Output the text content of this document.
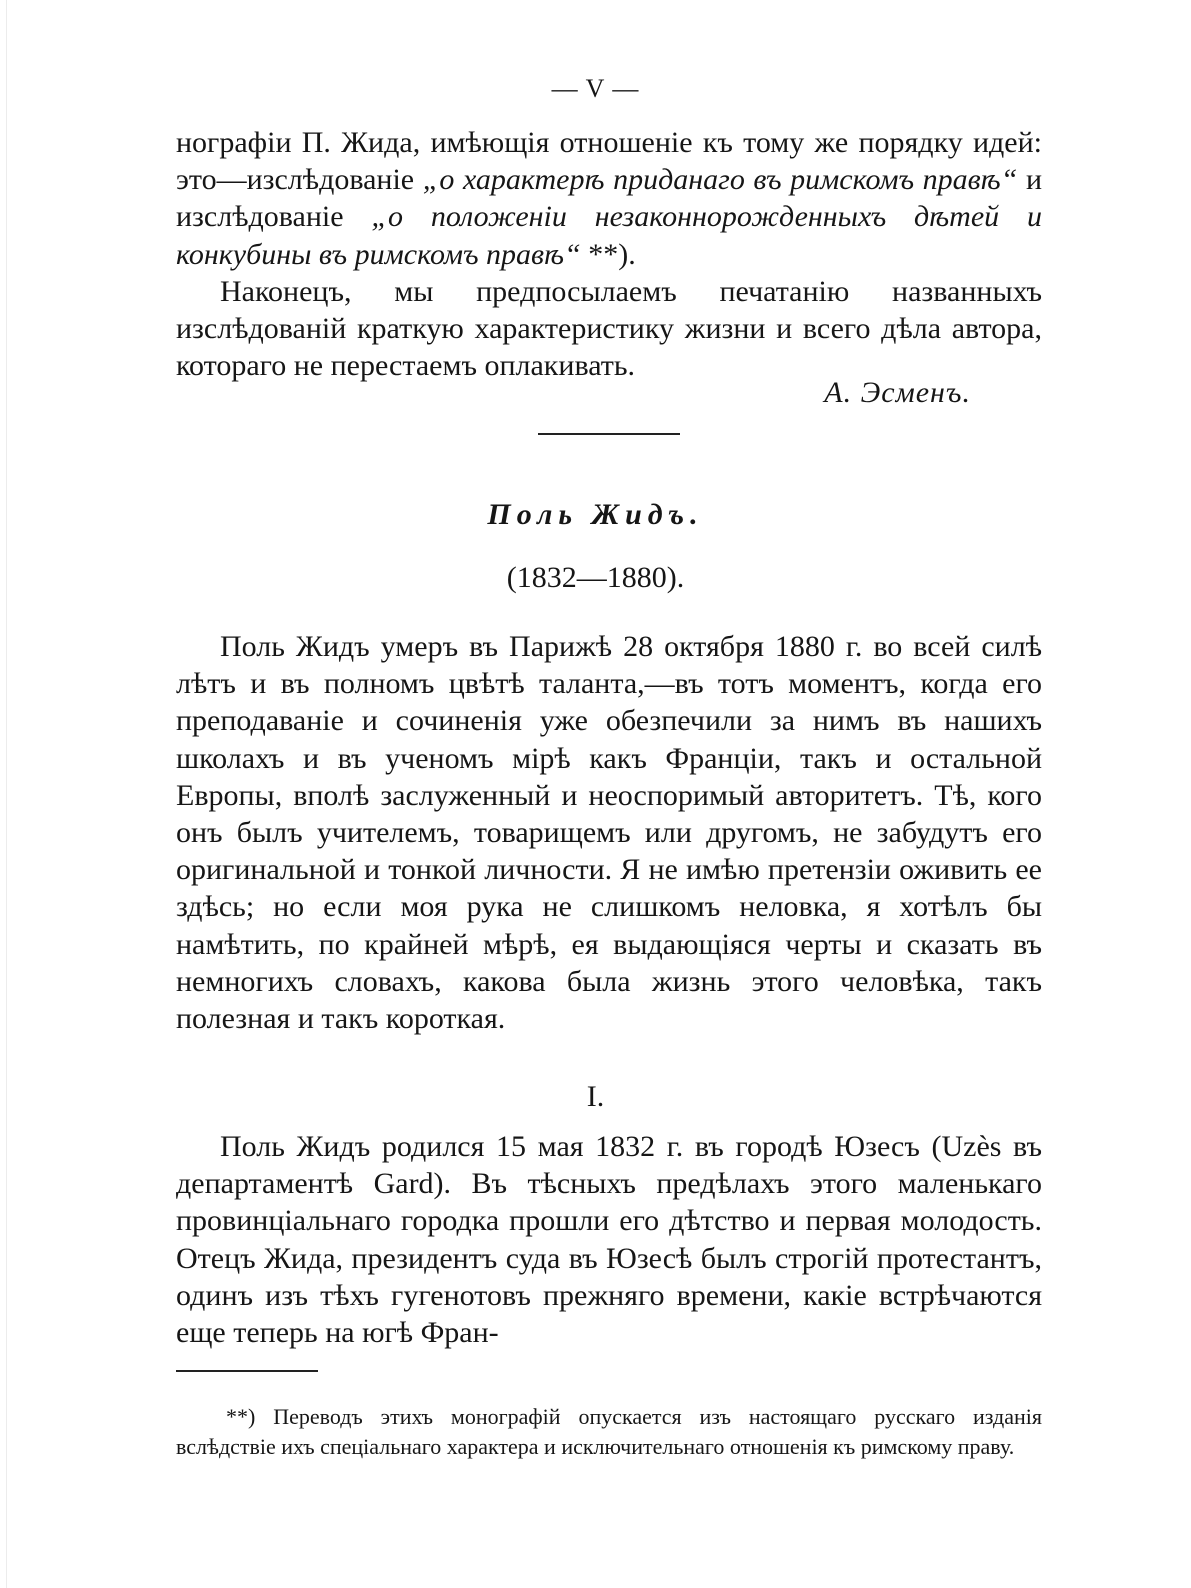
— V —

нографіи П. Жида, имѣющія отношеніе къ тому же порядку идей: это—изслѣдованіе „о характерѣ приданаго въ римскомъ правѣ“ и изслѣдованіе „о положеніи незаконнорожденныхъ дѣтей и конкубины въ римскомъ правѣ“ **).

Наконецъ, мы предпосылаемъ печатанію названныхъ изслѣдованій краткую характеристику жизни и всего дѣла автора, котораго не перестаемъ оплакивать.

А. Эсменъ.
Поль Жидъ.
(1832—1880).

Поль Жидъ умеръ въ Парижѣ 28 октября 1880 г. во всей силѣ лѣтъ и въ полномъ цвѣтѣ таланта,—въ тотъ моментъ, когда его преподаваніе и сочиненія уже обезпечили за нимъ въ нашихъ школахъ и въ ученомъ мірѣ какъ Франціи, такъ и остальной Европы, вполѣ заслуженный и неоспоримый авторитетъ. Тѣ, кого онъ былъ учителемъ, товарищемъ или другомъ, не забудутъ его оригинальной и тонкой личности. Я не имѣю претензіи оживить ее здѣсь; но если моя рука не слишкомъ неловка, я хотѣлъ бы намѣтить, по крайней мѣрѣ, ея выдающіяся черты и сказать въ немногихъ словахъ, какова была жизнь этого человѣка, такъ полезная и такъ короткая.

I.

Поль Жидъ родился 15 мая 1832 г. въ городѣ Юзесъ (Uzès въ департаментѣ Gard). Въ тѣсныхъ предѣлахъ этого маленькаго провинціальнаго городка прошли его дѣтство и первая молодость. Отецъ Жида, президентъ суда въ Юзесѣ былъ строгій протестантъ, одинъ изъ тѣхъ гугенотовъ прежняго времени, какіе встрѣчаются еще теперь на югѣ Фран-

**) Переводъ этихъ монографій опускается изъ настоящаго русскаго изданія вслѣдствіе ихъ спеціальнаго характера и исключительнаго отношенія къ римскому праву.
